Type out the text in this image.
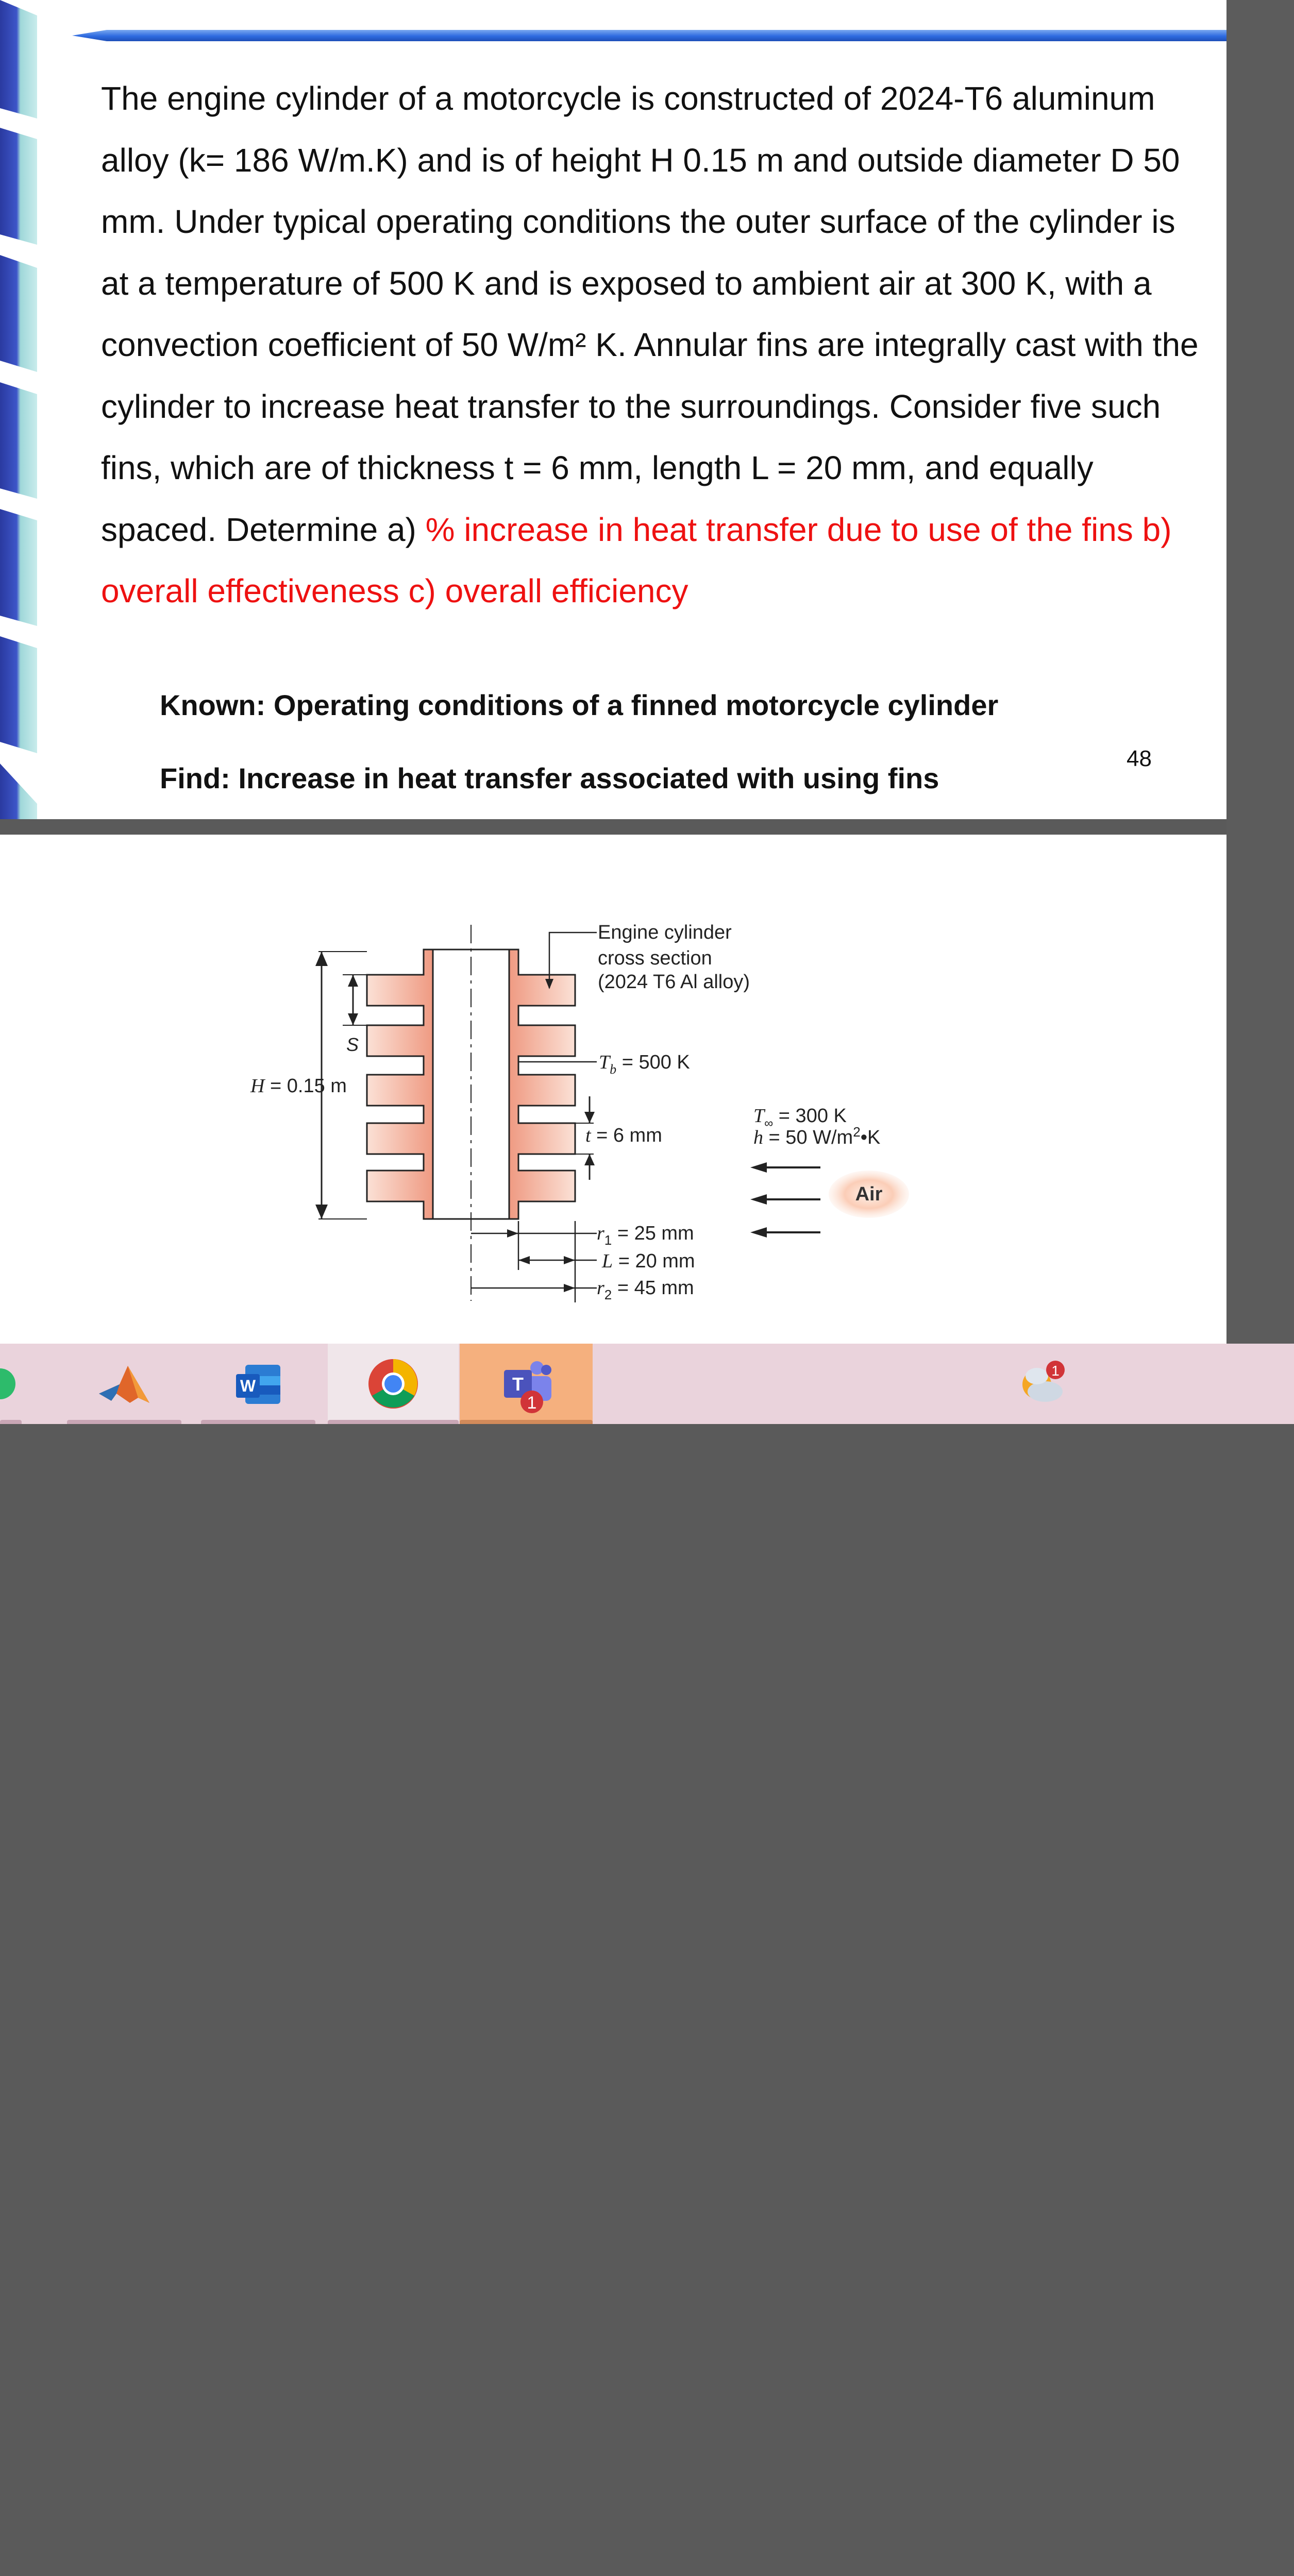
The engine cylinder of a motorcycle is constructed of 2024-T6 aluminum alloy (k= 186 W/m.K) and is of height H 0.15 m and outside diameter D 50 mm. Under typical operating conditions the outer surface of the cylinder is at a temperature of 500 K and is exposed to ambient air at 300 K, with a convection coefficient of 50 W/m² K. Annular fins are integrally cast with the cylinder to increase heat transfer to the surroundings. Consider five such fins, which are of thickness t = 6 mm, length L = 20 mm, and equally spaced. Determine a) % increase in heat transfer due to use of the fins b) overall effectiveness c) overall efficiency

Known: Operating conditions of a finned motorcycle cylinder

Find: Increase in heat transfer associated with using fins

48
H = 0.15 m
S
Engine cylinder
cross section
(2024 T6 Al alloy)
$T_b = 500$ K
t = 6 mm
$T_\infty = 300$ K
h = 50 $W/m^2•K$
Air
$r_1 = 25$ mm
L = 20 mm
$r_2 = 45$ mm
W	T
1
1
